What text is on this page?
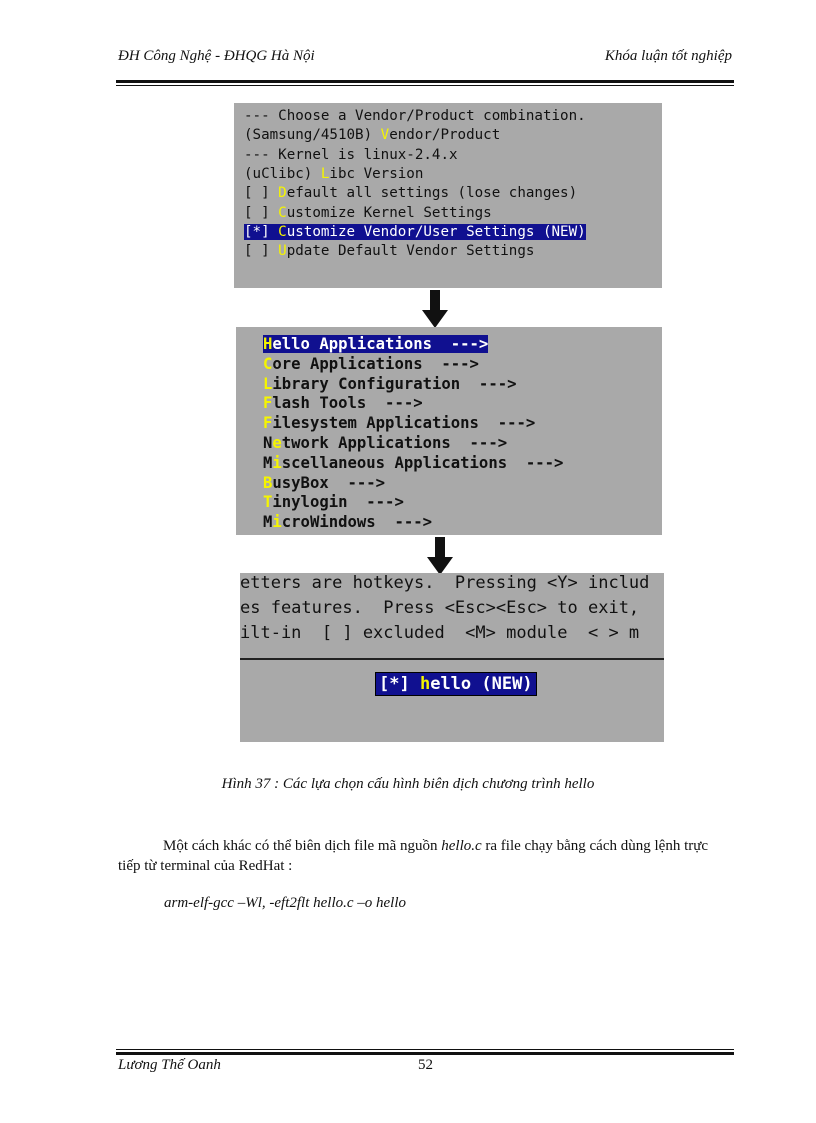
ĐH Công Nghệ - ĐHQG Hà Nội	Khóa luận tốt nghiệp
--- Choose a Vendor/Product combination.
(Samsung/4510B) Vendor/Product
--- Kernel is linux-2.4.x
(uClibc) Libc Version
[ ] Default all settings (lose changes)
[ ] Customize Kernel Settings
[*] Customize Vendor/User Settings (NEW)
[ ] Update Default Vendor Settings
Hello Applications  --->
Core Applications  --->
Library Configuration  --->
Flash Tools  --->
Filesystem Applications  --->
Network Applications  --->
Miscellaneous Applications  --->
BusyBox  --->
Tinylogin  --->
MicroWindows  --->
etters are hotkeys.  Pressing <Y> includ
es features.  Press <Esc><Esc> to exit,
ilt-in  [ ] excluded  <M> module  < > m
[*] hello (NEW)
Hình 37 : Các lựa chọn cấu hình biên dịch chương trình hello
Một cách khác có thể biên dịch file mã nguồn hello.c ra file chạy bằng cách dùng lệnh trực tiếp từ terminal của RedHat :
arm-elf-gcc –Wl, -eft2flt hello.c –o hello
Lương Thế Oanh	52
